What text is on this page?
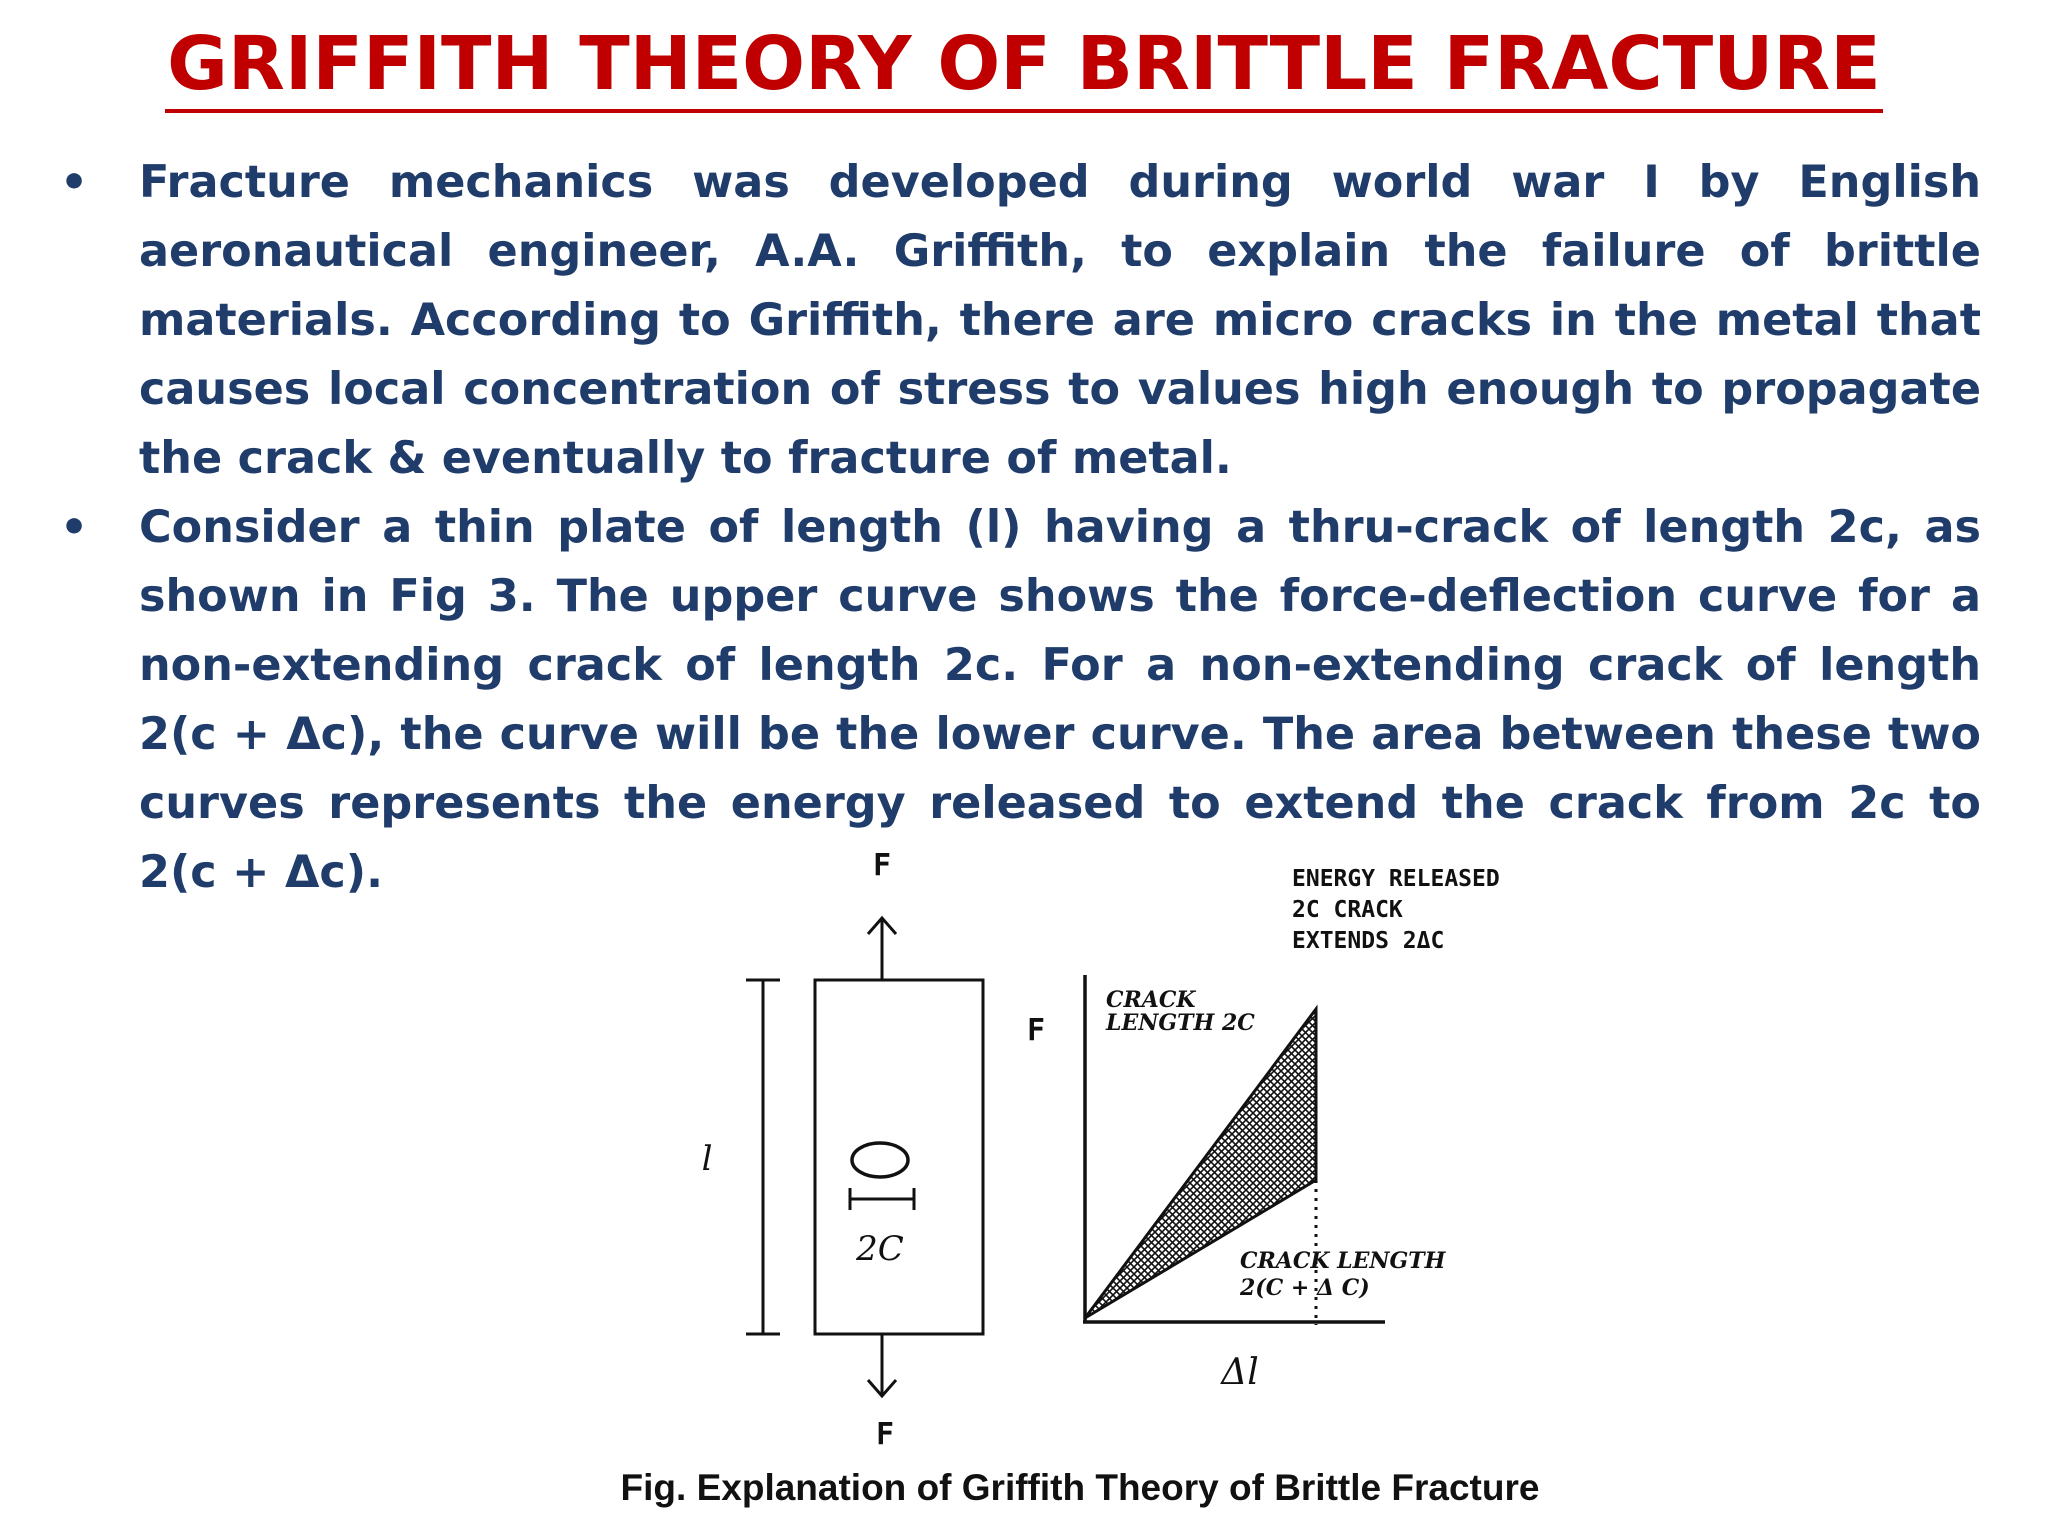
GRIFFITH THEORY OF BRITTLE FRACTURE
• Fracture mechanics was developed during world war I by English aeronautical engineer, A.A. Griffith, to explain the failure of brittle materials. According to Griffith, there are micro cracks in the metal that causes local concentration of stress to values high enough to propagate the crack & eventually to fracture of metal.
• Consider a thin plate of length (l) having a thru-crack of length 2c, as shown in Fig 3. The upper curve shows the force-deflection curve for a non-extending crack of length 2c. For a non-extending crack of length 2(c + Δc), the curve will be the lower curve. The area between these two curves represents the energy released to extend the crack from 2c to 2(c + Δc).	F
2C
F
l
F
Δl
ENERGY RELEASED 2C CRACK EXTENDS 2ΔC
CRACK LENGTH 2C
CRACK LENGTH 2(C + Δ C)
Fig. Explanation of Griffith Theory of Brittle Fracture
